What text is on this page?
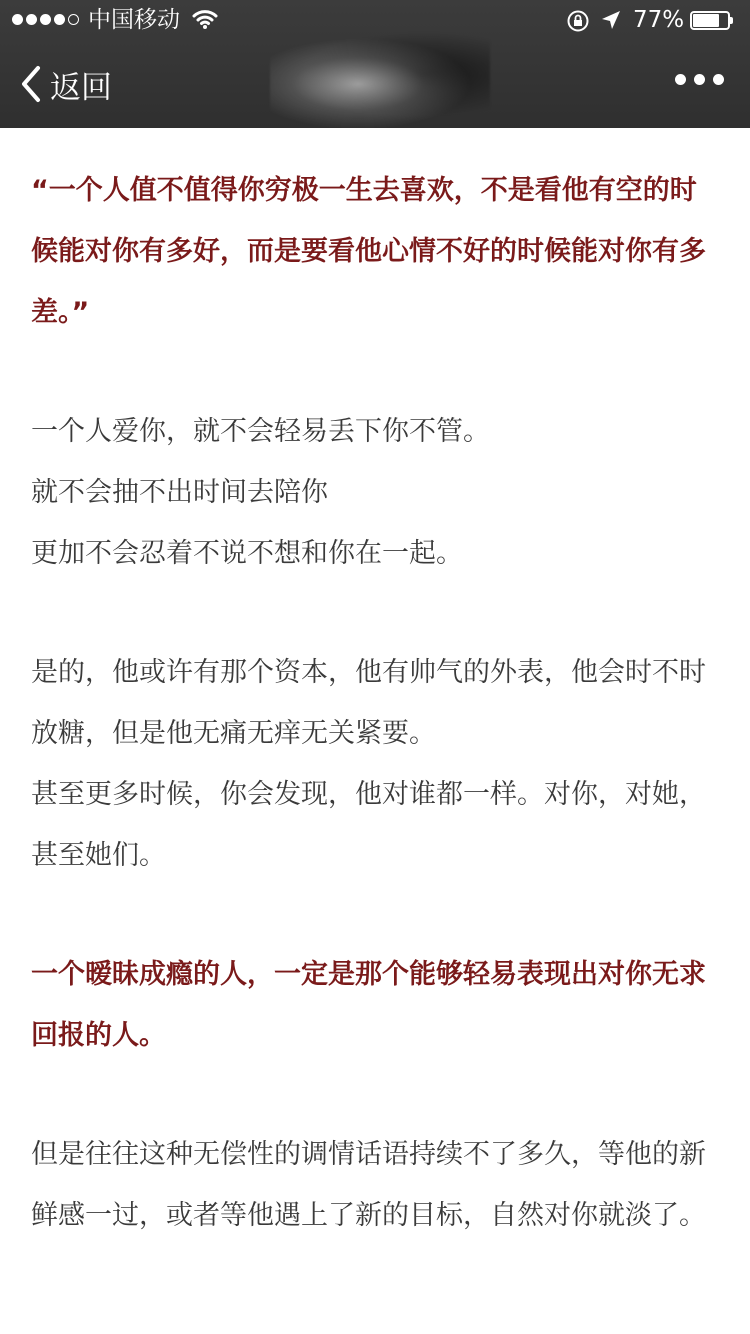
中国移动	77%
返回

“一个人值不值得你穷极一生去喜欢，不是看他有空的时候能对你有多好，而是要看他心情不好的时候能对你有多差。”

一个人爱你，就不会轻易丢下你不管。

就不会抽不出时间去陪你

更加不会忍着不说不想和你在一起。

是的，他或许有那个资本，他有帅气的外表，他会时不时放糖，但是他无痛无痒无关紧要。

甚至更多时候，你会发现，他对谁都一样。对你，对她，甚至她们。

一个暧昧成瘾的人，一定是那个能够轻易表现出对你无求回报的人。

但是往往这种无偿性的调情话语持续不了多久，等他的新鲜感一过，或者等他遇上了新的目标，自然对你就淡了。
